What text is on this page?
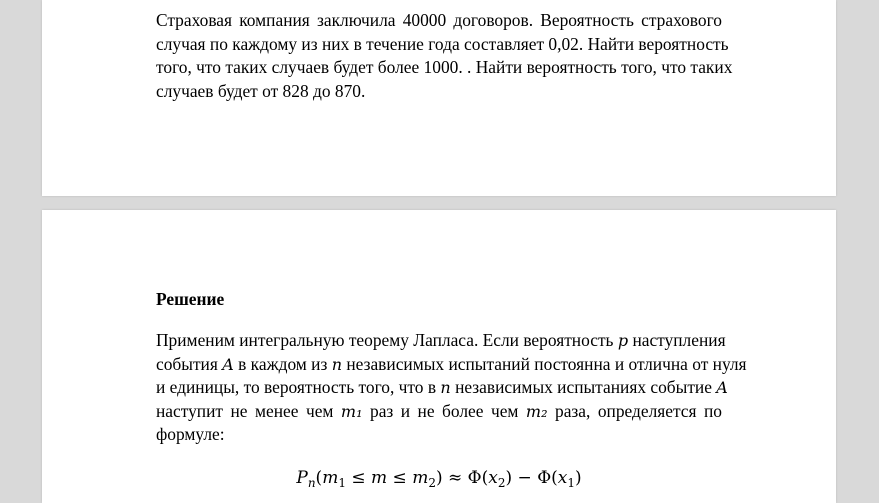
Страховая компания заключила 40000 договоров. Вероятность страхового
случая по каждому из них в течение года составляет 0,02. Найти вероятность
того, что таких случаев будет более 1000. . Найти вероятность того, что таких
случаев будет от 828 до 870.
Решение
Применим интегральную теорему Лапласа. Если вероятность p наступления
события A в каждом из n независимых испытаний постоянна и отлична от нуля
и единицы, то вероятность того, что в n независимых испытаниях событие A
наступит не менее чем m₁ раз и не более чем m₂ раза, определяется по
формуле:
$P_n(m_1 \le m \le m_2) \approx \Phi(x_2) - \Phi(x_1)$
